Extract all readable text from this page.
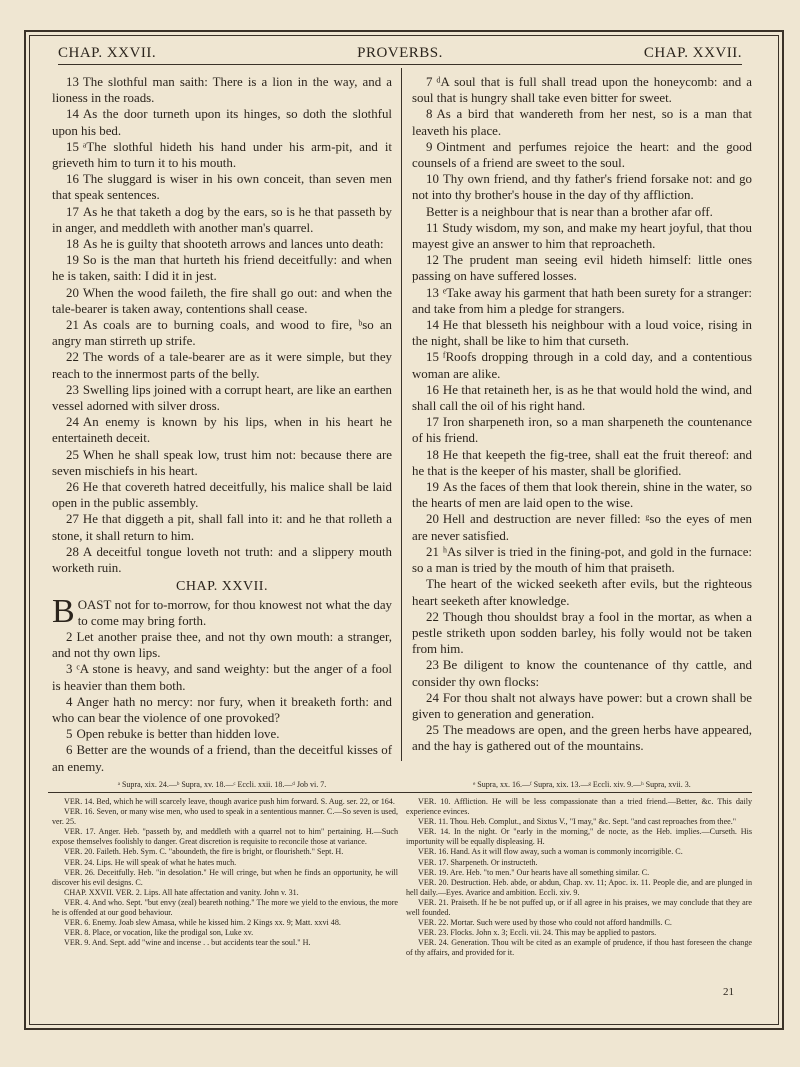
CHAP. XXVII.	PROVERBS.	CHAP. XXVII.
13 The slothful man saith: There is a lion in the way, and a lioness in the roads.
14 As the door turneth upon its hinges, so doth the slothful upon his bed.
15 ᵃThe slothful hideth his hand under his arm-pit, and it grieveth him to turn it to his mouth.
16 The sluggard is wiser in his own conceit, than seven men that speak sentences.
17 As he that taketh a dog by the ears, so is he that passeth by in anger, and meddleth with another man's quarrel.
18 As he is guilty that shooteth arrows and lances unto death:
19 So is the man that hurteth his friend deceitfully: and when he is taken, saith: I did it in jest.
20 When the wood faileth, the fire shall go out: and when the tale-bearer is taken away, contentions shall cease.
21 As coals are to burning coals, and wood to fire, ᵇso an angry man stirreth up strife.
22 The words of a tale-bearer are as it were simple, but they reach to the innermost parts of the belly.
23 Swelling lips joined with a corrupt heart, are like an earthen vessel adorned with silver dross.
24 An enemy is known by his lips, when in his heart he entertaineth deceit.
25 When he shall speak low, trust him not: because there are seven mischiefs in his heart.
26 He that covereth hatred deceitfully, his malice shall be laid open in the public assembly.
27 He that diggeth a pit, shall fall into it: and he that rolleth a stone, it shall return to him.
28 A deceitful tongue loveth not truth: and a slippery mouth worketh ruin.
CHAP. XXVII.
B OAST not for to-morrow, for thou knowest not what the day to come may bring forth.
2 Let another praise thee, and not thy own mouth: a stranger, and not thy own lips.
3 ᶜA stone is heavy, and sand weighty: but the anger of a fool is heavier than them both.
4 Anger hath no mercy: nor fury, when it breaketh forth: and who can bear the violence of one provoked?
5 Open rebuke is better than hidden love.
6 Better are the wounds of a friend, than the deceitful kisses of an enemy.
7 ᵈA soul that is full shall tread upon the honeycomb: and a soul that is hungry shall take even bitter for sweet.
8 As a bird that wandereth from her nest, so is a man that leaveth his place.
9 Ointment and perfumes rejoice the heart: and the good counsels of a friend are sweet to the soul.
10 Thy own friend, and thy father's friend forsake not: and go not into thy brother's house in the day of thy affliction.
Better is a neighbour that is near than a brother afar off.
11 Study wisdom, my son, and make my heart joyful, that thou mayest give an answer to him that reproacheth.
12 The prudent man seeing evil hideth himself: little ones passing on have suffered losses.
13 ᵉTake away his garment that hath been surety for a stranger: and take from him a pledge for strangers.
14 He that blesseth his neighbour with a loud voice, rising in the night, shall be like to him that curseth.
15 ᶠRoofs dropping through in a cold day, and a contentious woman are alike.
16 He that retaineth her, is as he that would hold the wind, and shall call the oil of his right hand.
17 Iron sharpeneth iron, so a man sharpeneth the countenance of his friend.
18 He that keepeth the fig-tree, shall eat the fruit thereof: and he that is the keeper of his master, shall be glorified.
19 As the faces of them that look therein, shine in the water, so the hearts of men are laid open to the wise.
20 Hell and destruction are never filled: ᵍso the eyes of men are never satisfied.
21 ʰAs silver is tried in the fining-pot, and gold in the furnace: so a man is tried by the mouth of him that praiseth.
The heart of the wicked seeketh after evils, but the righteous heart seeketh after knowledge.
22 Though thou shouldst bray a fool in the mortar, as when a pestle striketh upon sodden barley, his folly would not be taken from him.
23 Be diligent to know the countenance of thy cattle, and consider thy own flocks:
24 For thou shalt not always have power: but a crown shall be given to generation and generation.
25 The meadows are open, and the green herbs have appeared, and the hay is gathered out of the mountains.
ᵃ Supra, xix. 24.—ᵇ Supra, xv. 18.—ᶜ Eccli. xxii. 18.—ᵈ Job vi. 7.	ᵉ Supra, xx. 16.—ᶠ Supra, xix. 13.—ᵍ Eccli. xiv. 9.—ʰ Supra, xvii. 3.
VER. 14. Bed, which he will scarcely leave, though avarice push him forward. S. Aug. ser. 22, or 164.
VER. 16. Seven, or many wise men, who used to speak in a sententious manner. C.—So seven is used, ver. 25.
VER. 17. Anger. Heb. "passeth by, and meddleth with a quarrel not to him" pertaining. H.—Such expose themselves foolishly to danger. Great discretion is requisite to reconcile those at variance.
VER. 20. Faileth. Heb. Sym. C. "aboundeth, the fire is bright, or flourisheth." Sept. H.
VER. 24. Lips. He will speak of what he hates much.
VER. 26. Deceitfully. Heb. "in desolation." He will cringe, but when he finds an opportunity, he will discover his evil designs. C.
CHAP. XXVII. VER. 2. Lips. All hate affectation and vanity. John v. 31.
VER. 4. And who. Sept. "but envy (zeal) beareth nothing." The more we yield to the envious, the more he is offended at our good behaviour.
VER. 6. Enemy. Joab slew Amasa, while he kissed him. 2 Kings xx. 9; Matt. xxvi 48.
VER. 8. Place, or vocation, like the prodigal son, Luke xv.
VER. 9. And. Sept. add "wine and incense . . but accidents tear the soul." H.
VER. 10. Affliction. He will be less compassionate than a tried friend.—Better, &c. This daily experience evinces.
VER. 11. Thou. Heb. Complut., and Sixtus V., "I may," &c. Sept. "and cast reproaches from thee."
VER. 14. In the night. Or "early in the morning," de nocte, as the Heb. implies.—Curseth. His importunity will be equally displeasing. H.
VER. 16. Hand. As it will flow away, such a woman is commonly incorrigible. C.
VER. 17. Sharpeneth. Or instructeth.
VER. 19. Are. Heb. "to men." Our hearts have all something similar. C.
VER. 20. Destruction. Heb. abde, or abdun, Chap. xv. 11; Apoc. ix. 11. People die, and are plunged in hell daily.—Eyes. Avarice and ambition. Eccli. xiv. 9.
VER. 21. Praiseth. If he be not puffed up, or if all agree in his praises, we may conclude that they are well founded.
VER. 22. Mortar. Such were used by those who could not afford handmills. C.
VER. 23. Flocks. John x. 3; Eccli. vii. 24. This may be applied to pastors.
VER. 24. Generation. Thou wilt be cited as an example of prudence, if thou hast foreseen the change of thy affairs, and provided for it.
21
